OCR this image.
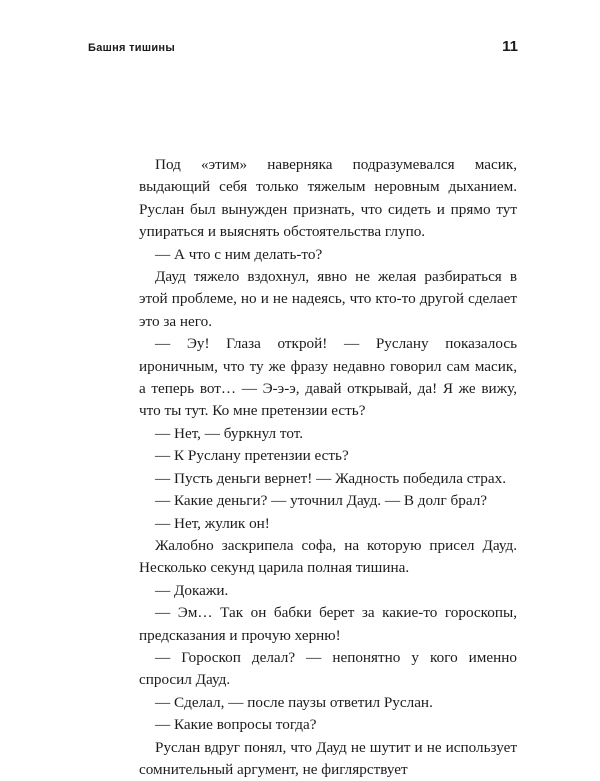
Башня тишины	11

Под «этим» наверняка подразумевался масик, выдающий себя только тяжелым неровным дыханием. Руслан был вынужден признать, что сидеть и прямо тут упираться и выяснять обстоятельства глупо.

— А что с ним делать-то?

Дауд тяжело вздохнул, явно не желая разбираться в этой проблеме, но и не надеясь, что кто-то другой сделает это за него.

— Эу! Глаза открой! — Руслану показалось ироничным, что ту же фразу недавно говорил сам масик, а теперь вот… — Э-э-э, давай открывай, да! Я же вижу, что ты тут. Ко мне претензии есть?

— Нет, — буркнул тот.

— К Руслану претензии есть?

— Пусть деньги вернет! — Жадность победила страх.

— Какие деньги? — уточнил Дауд. — В долг брал?

— Нет, жулик он!

Жалобно заскрипела софа, на которую присел Дауд. Несколько секунд царила полная тишина.

— Докажи.

— Эм… Так он бабки берет за какие-то гороскопы, предсказания и прочую херню!

— Гороскоп делал? — непонятно у кого именно спросил Дауд.

— Сделал, — после паузы ответил Руслан.

— Какие вопросы тогда?

Руслан вдруг понял, что Дауд не шутит и не использует сомнительный аргумент, не фиглярствует
